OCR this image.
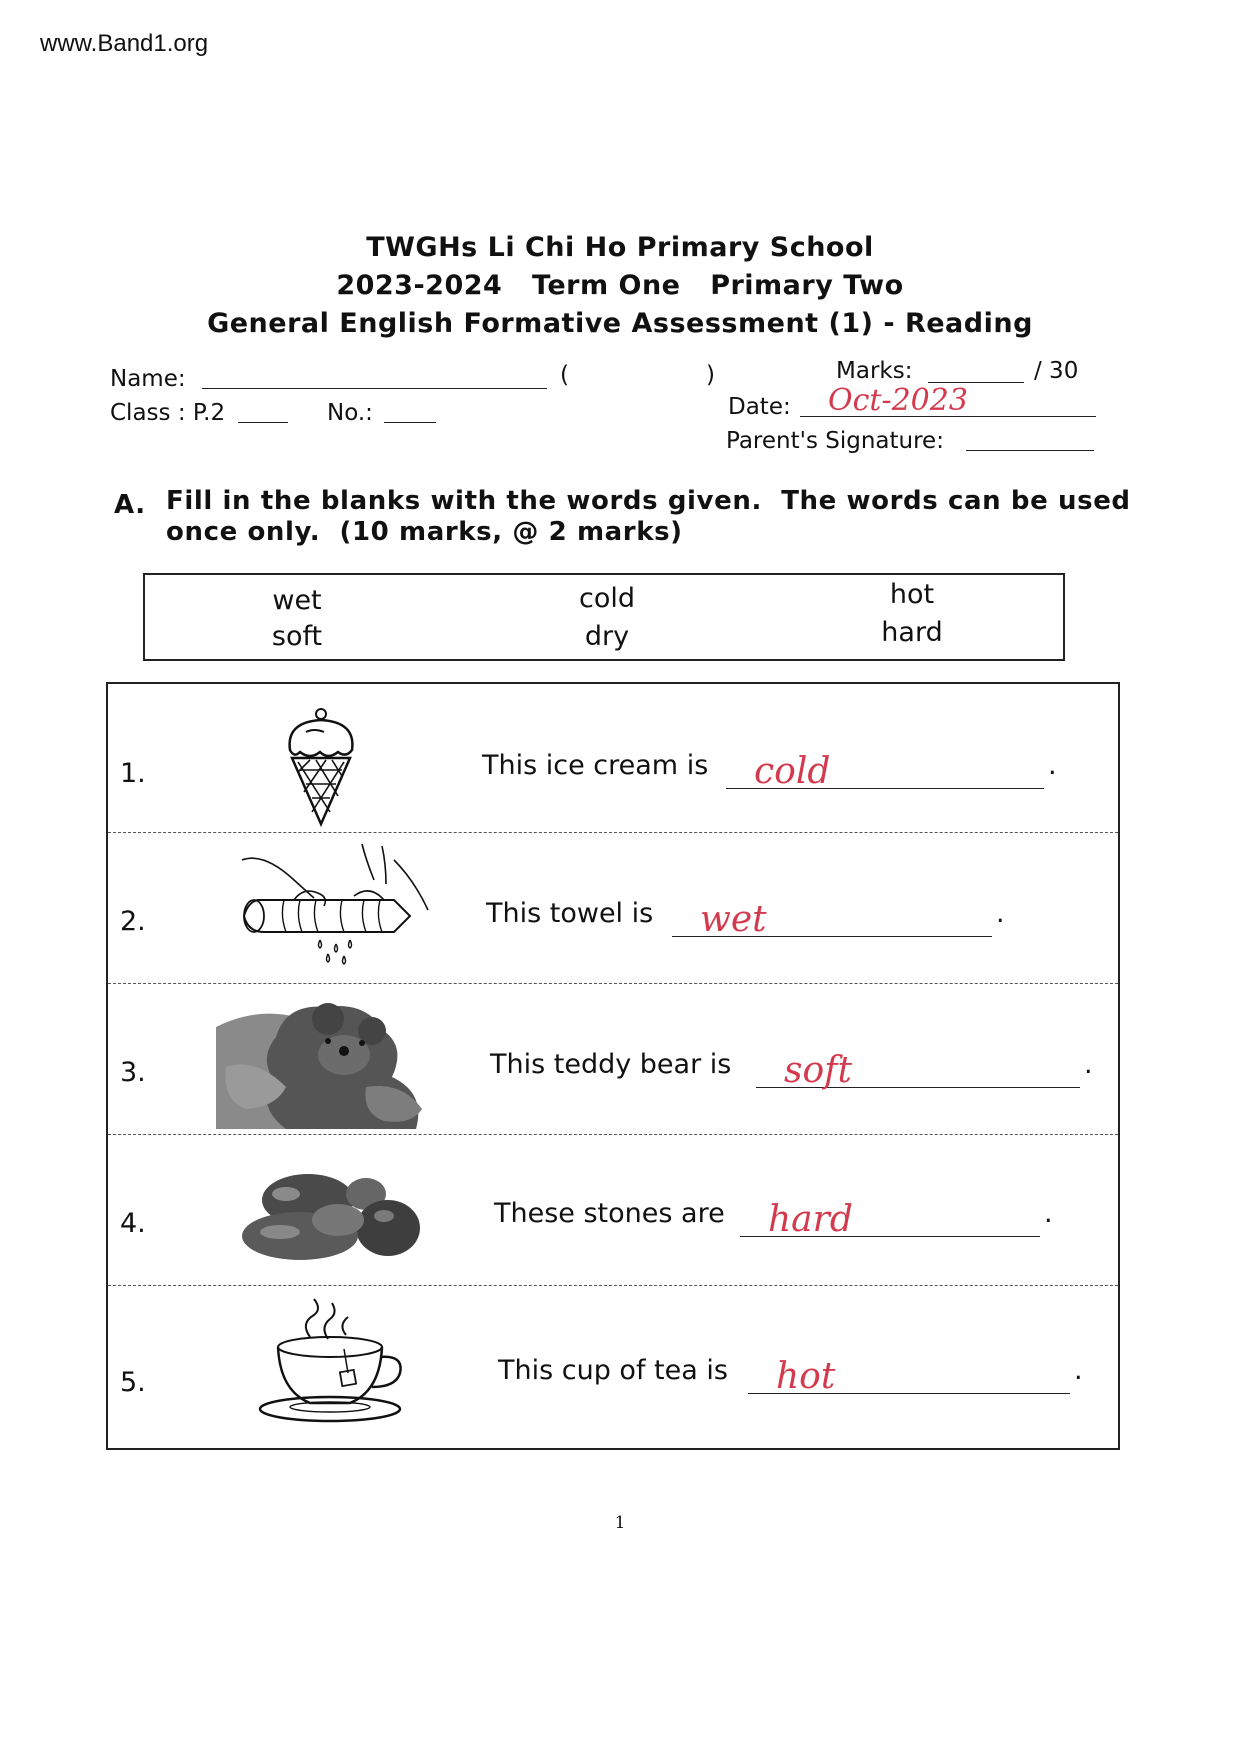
www.Band1.org
TWGHs Li Chi Ho Primary School
2023-2024   Term One   Primary Two
General English Formative Assessment (1) - Reading
Name:	(	)	Marks:	/ 30
Class : P.2	No.:	Date: Oct-2023
Parent's Signature:
A. Fill in the blanks with the words given.  The words can be used
once only.  (10 marks, @ 2 marks)
wet	cold	hot
soft	dry	hard
1.	This ice cream is cold	.
2.	This towel is wet	.
3.	This teddy bear is soft	.
4.	These stones are hard	.
5.	This cup of tea is hot	.
1
